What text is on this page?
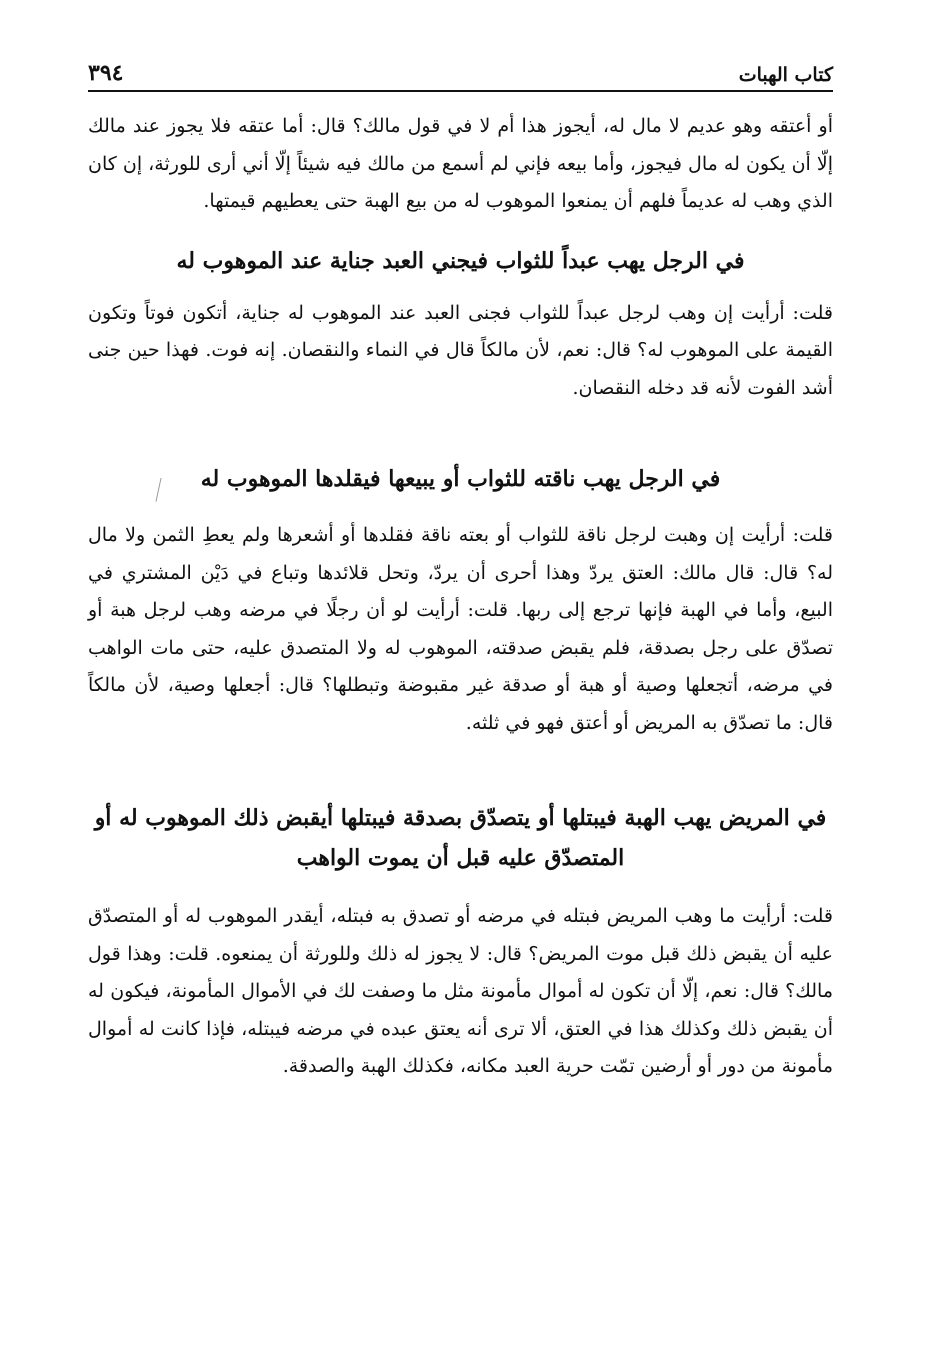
كتاب الهبات
٣٩٤

أو أعتقه وهو عديم لا مال له، أيجوز هذا أم لا في قول مالك؟ قال: أما عتقه فلا يجوز عند مالك إلّا أن يكون له مال فيجوز، وأما بيعه فإني لم أسمع من مالك فيه شيئاً إلّا أني أرى للورثة، إن كان الذي وهب له عديماً فلهم أن يمنعوا الموهوب له من بيع الهبة حتى يعطيهم قيمتها.

في الرجل يهب عبداً للثواب فيجني العبد جناية عند الموهوب له

قلت: أرأيت إن وهب لرجل عبداً للثواب فجنى العبد عند الموهوب له جناية، أتكون فوتاً وتكون القيمة على الموهوب له؟ قال: نعم، لأن مالكاً قال في النماء والنقصان. إنه فوت. فهذا حين جنى أشد الفوت لأنه قد دخله النقصان.

في الرجل يهب ناقته للثواب أو يبيعها فيقلدها الموهوب له

قلت: أرأيت إن وهبت لرجل ناقة للثواب أو بعته ناقة فقلدها أو أشعرها ولم يعطِ الثمن ولا مال له؟ قال: قال مالك: العتق يردّ وهذا أحرى أن يردّ، وتحل قلائدها وتباع في دَيْن المشتري في البيع، وأما في الهبة فإنها ترجع إلى ربها. قلت: أرأيت لو أن رجلًا في مرضه وهب لرجل هبة أو تصدّق على رجل بصدقة، فلم يقبض صدقته، الموهوب له ولا المتصدق عليه، حتى مات الواهب في مرضه، أتجعلها وصية أو هبة أو صدقة غير مقبوضة وتبطلها؟ قال: أجعلها وصية، لأن مالكاً قال: ما تصدّق به المريض أو أعتق فهو في ثلثه.

في المريض يهب الهبة فيبتلها أو يتصدّق بصدقة فيبتلها أيقبض ذلك الموهوب له أو المتصدّق عليه قبل أن يموت الواهب

قلت: أرأيت ما وهب المريض فبتله في مرضه أو تصدق به فبتله، أيقدر الموهوب له أو المتصدّق عليه أن يقبض ذلك قبل موت المريض؟ قال: لا يجوز له ذلك وللورثة أن يمنعوه. قلت: وهذا قول مالك؟ قال: نعم، إلّا أن تكون له أموال مأمونة مثل ما وصفت لك في الأموال المأمونة، فيكون له أن يقبض ذلك وكذلك هذا في العتق، ألا ترى أنه يعتق عبده في مرضه فيبتله، فإذا كانت له أموال مأمونة من دور أو أرضين تمّت حرية العبد مكانه، فكذلك الهبة والصدقة.
